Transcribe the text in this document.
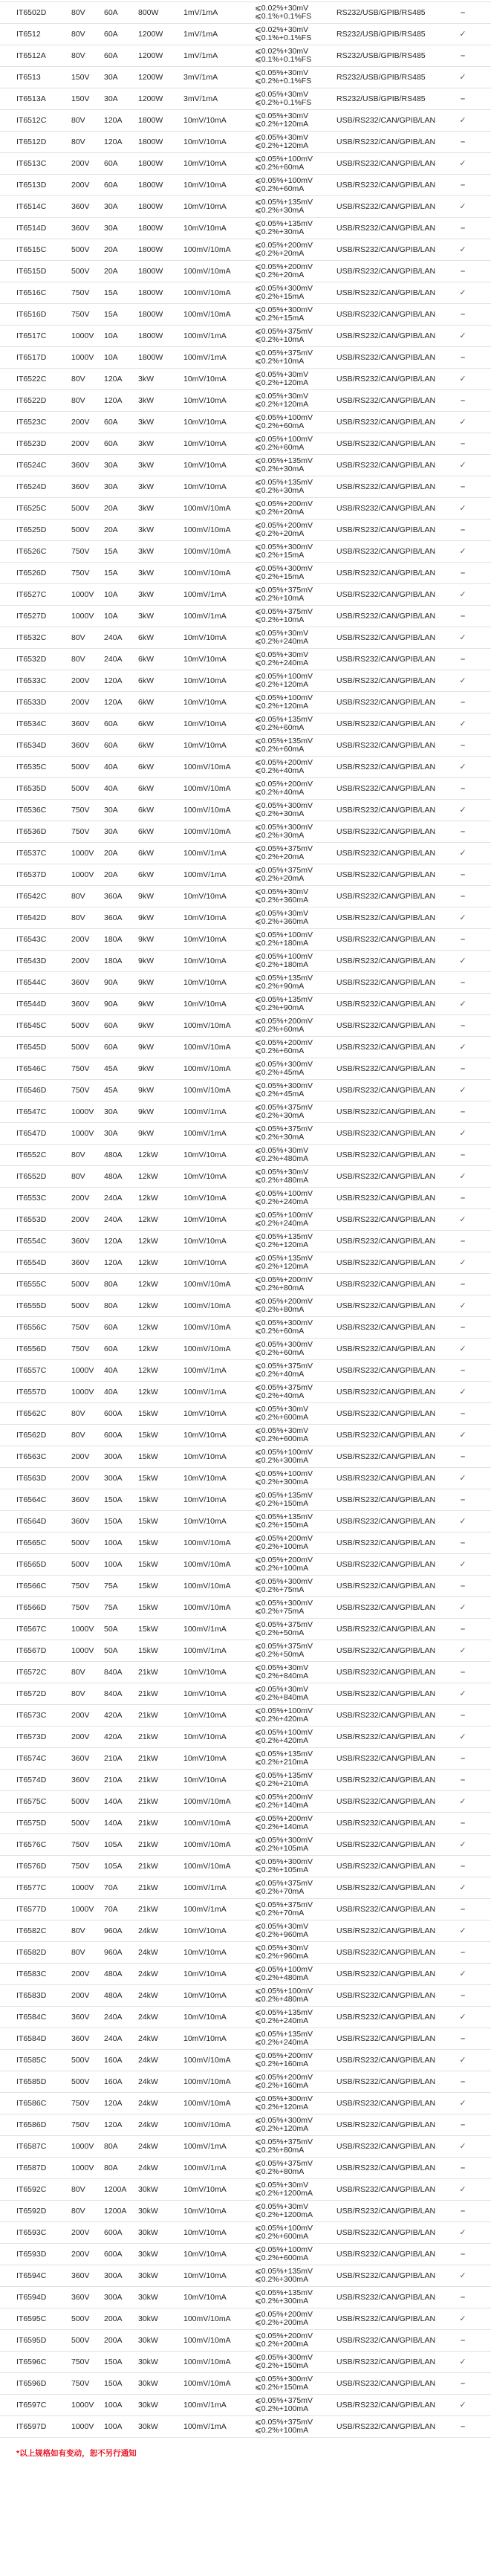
IT6502D	80V	60A	800W	1mV/1mA
⩽0.02%+30mV
⩽0.1%+0.1%FS	RS232/USB/GPIB/RS485	–
IT6512	80V	60A	1200W	1mV/1mA
⩽0.02%+30mV
⩽0.1%+0.1%FS	RS232/USB/GPIB/RS485	✓
IT6512A	80V	60A	1200W	1mV/1mA
⩽0.02%+30mV
⩽0.1%+0.1%FS	RS232/USB/GPIB/RS485	–
IT6513	150V	30A	1200W	3mV/1mA
⩽0.05%+30mV
⩽0.2%+0.1%FS	RS232/USB/GPIB/RS485	✓
IT6513A	150V	30A	1200W	3mV/1mA
⩽0.05%+30mV
⩽0.2%+0.1%FS	RS232/USB/GPIB/RS485	–
IT6512C	80V	120A	1800W	10mV/10mA
⩽0.05%+30mV
⩽0.2%+120mA	USB/RS232/CAN/GPIB/LAN	✓
IT6512D	80V	120A	1800W	10mV/10mA
⩽0.05%+30mV
⩽0.2%+120mA	USB/RS232/CAN/GPIB/LAN	–
IT6513C	200V	60A	1800W	10mV/10mA
⩽0.05%+100mV
⩽0.2%+60mA	USB/RS232/CAN/GPIB/LAN	✓
IT6513D	200V	60A	1800W	10mV/10mA
⩽0.05%+100mV
⩽0.2%+60mA	USB/RS232/CAN/GPIB/LAN	–
IT6514C	360V	30A	1800W	10mV/10mA
⩽0.05%+135mV
⩽0.2%+30mA	USB/RS232/CAN/GPIB/LAN	✓
IT6514D	360V	30A	1800W	10mV/10mA
⩽0.05%+135mV
⩽0.2%+30mA	USB/RS232/CAN/GPIB/LAN	–
IT6515C	500V	20A	1800W	100mV/10mA
⩽0.05%+200mV
⩽0.2%+20mA	USB/RS232/CAN/GPIB/LAN	✓
IT6515D	500V	20A	1800W	100mV/10mA
⩽0.05%+200mV
⩽0.2%+20mA	USB/RS232/CAN/GPIB/LAN	–
IT6516C	750V	15A	1800W	100mV/10mA
⩽0.05%+300mV
⩽0.2%+15mA	USB/RS232/CAN/GPIB/LAN	✓
IT6516D	750V	15A	1800W	100mV/10mA
⩽0.05%+300mV
⩽0.2%+15mA	USB/RS232/CAN/GPIB/LAN	–
IT6517C	1000V	10A	1800W	100mV/1mA
⩽0.05%+375mV
⩽0.2%+10mA	USB/RS232/CAN/GPIB/LAN	✓
IT6517D	1000V	10A	1800W	100mV/1mA
⩽0.05%+375mV
⩽0.2%+10mA	USB/RS232/CAN/GPIB/LAN	–
IT6522C	80V	120A	3kW	10mV/10mA
⩽0.05%+30mV
⩽0.2%+120mA	USB/RS232/CAN/GPIB/LAN	✓
IT6522D	80V	120A	3kW	10mV/10mA
⩽0.05%+30mV
⩽0.2%+120mA	USB/RS232/CAN/GPIB/LAN	–
IT6523C	200V	60A	3kW	10mV/10mA
⩽0.05%+100mV
⩽0.2%+60mA	USB/RS232/CAN/GPIB/LAN	✓
IT6523D	200V	60A	3kW	10mV/10mA
⩽0.05%+100mV
⩽0.2%+60mA	USB/RS232/CAN/GPIB/LAN	–
IT6524C	360V	30A	3kW	10mV/10mA
⩽0.05%+135mV
⩽0.2%+30mA	USB/RS232/CAN/GPIB/LAN	✓
IT6524D	360V	30A	3kW	10mV/10mA
⩽0.05%+135mV
⩽0.2%+30mA	USB/RS232/CAN/GPIB/LAN	–
IT6525C	500V	20A	3kW	100mV/10mA
⩽0.05%+200mV
⩽0.2%+20mA	USB/RS232/CAN/GPIB/LAN	✓
IT6525D	500V	20A	3kW	100mV/10mA
⩽0.05%+200mV
⩽0.2%+20mA	USB/RS232/CAN/GPIB/LAN	–
IT6526C	750V	15A	3kW	100mV/10mA
⩽0.05%+300mV
⩽0.2%+15mA	USB/RS232/CAN/GPIB/LAN	✓
IT6526D	750V	15A	3kW	100mV/10mA
⩽0.05%+300mV
⩽0.2%+15mA	USB/RS232/CAN/GPIB/LAN	–
IT6527C	1000V	10A	3kW	100mV/1mA
⩽0.05%+375mV
⩽0.2%+10mA	USB/RS232/CAN/GPIB/LAN	✓
IT6527D	1000V	10A	3kW	100mV/1mA
⩽0.05%+375mV
⩽0.2%+10mA	USB/RS232/CAN/GPIB/LAN	–
IT6532C	80V	240A	6kW	10mV/10mA
⩽0.05%+30mV
⩽0.2%+240mA	USB/RS232/CAN/GPIB/LAN	✓
IT6532D	80V	240A	6kW	10mV/10mA
⩽0.05%+30mV
⩽0.2%+240mA	USB/RS232/CAN/GPIB/LAN	–
IT6533C	200V	120A	6kW	10mV/10mA
⩽0.05%+100mV
⩽0.2%+120mA	USB/RS232/CAN/GPIB/LAN	✓
IT6533D	200V	120A	6kW	10mV/10mA
⩽0.05%+100mV
⩽0.2%+120mA	USB/RS232/CAN/GPIB/LAN	–
IT6534C	360V	60A	6kW	10mV/10mA
⩽0.05%+135mV
⩽0.2%+60mA	USB/RS232/CAN/GPIB/LAN	✓
IT6534D	360V	60A	6kW	10mV/10mA
⩽0.05%+135mV
⩽0.2%+60mA	USB/RS232/CAN/GPIB/LAN	–
IT6535C	500V	40A	6kW	100mV/10mA
⩽0.05%+200mV
⩽0.2%+40mA	USB/RS232/CAN/GPIB/LAN	✓
IT6535D	500V	40A	6kW	100mV/10mA
⩽0.05%+200mV
⩽0.2%+40mA	USB/RS232/CAN/GPIB/LAN	–
IT6536C	750V	30A	6kW	100mV/10mA
⩽0.05%+300mV
⩽0.2%+30mA	USB/RS232/CAN/GPIB/LAN	✓
IT6536D	750V	30A	6kW	100mV/10mA
⩽0.05%+300mV
⩽0.2%+30mA	USB/RS232/CAN/GPIB/LAN	–
IT6537C	1000V	20A	6kW	100mV/1mA
⩽0.05%+375mV
⩽0.2%+20mA	USB/RS232/CAN/GPIB/LAN	✓
IT6537D	1000V	20A	6kW	100mV/1mA
⩽0.05%+375mV
⩽0.2%+20mA	USB/RS232/CAN/GPIB/LAN	–
IT6542C	80V	360A	9kW	10mV/10mA
⩽0.05%+30mV
⩽0.2%+360mA	USB/RS232/CAN/GPIB/LAN	–
IT6542D	80V	360A	9kW	10mV/10mA
⩽0.05%+30mV
⩽0.2%+360mA	USB/RS232/CAN/GPIB/LAN	✓
IT6543C	200V	180A	9kW	10mV/10mA
⩽0.05%+100mV
⩽0.2%+180mA	USB/RS232/CAN/GPIB/LAN	–
IT6543D	200V	180A	9kW	10mV/10mA
⩽0.05%+100mV
⩽0.2%+180mA	USB/RS232/CAN/GPIB/LAN	✓
IT6544C	360V	90A	9kW	10mV/10mA
⩽0.05%+135mV
⩽0.2%+90mA	USB/RS232/CAN/GPIB/LAN	–
IT6544D	360V	90A	9kW	10mV/10mA
⩽0.05%+135mV
⩽0.2%+90mA	USB/RS232/CAN/GPIB/LAN	✓
IT6545C	500V	60A	9kW	100mV/10mA
⩽0.05%+200mV
⩽0.2%+60mA	USB/RS232/CAN/GPIB/LAN	–
IT6545D	500V	60A	9kW	100mV/10mA
⩽0.05%+200mV
⩽0.2%+60mA	USB/RS232/CAN/GPIB/LAN	✓
IT6546C	750V	45A	9kW	100mV/10mA
⩽0.05%+300mV
⩽0.2%+45mA	USB/RS232/CAN/GPIB/LAN	–
IT6546D	750V	45A	9kW	100mV/10mA
⩽0.05%+300mV
⩽0.2%+45mA	USB/RS232/CAN/GPIB/LAN	✓
IT6547C	1000V	30A	9kW	100mV/1mA
⩽0.05%+375mV
⩽0.2%+30mA	USB/RS232/CAN/GPIB/LAN	–
IT6547D	1000V	30A	9kW	100mV/1mA
⩽0.05%+375mV
⩽0.2%+30mA	USB/RS232/CAN/GPIB/LAN	✓
IT6552C	80V	480A	12kW	10mV/10mA
⩽0.05%+30mV
⩽0.2%+480mA	USB/RS232/CAN/GPIB/LAN	–
IT6552D	80V	480A	12kW	10mV/10mA
⩽0.05%+30mV
⩽0.2%+480mA	USB/RS232/CAN/GPIB/LAN	✓
IT6553C	200V	240A	12kW	10mV/10mA
⩽0.05%+100mV
⩽0.2%+240mA	USB/RS232/CAN/GPIB/LAN	–
IT6553D	200V	240A	12kW	10mV/10mA
⩽0.05%+100mV
⩽0.2%+240mA	USB/RS232/CAN/GPIB/LAN	✓
IT6554C	360V	120A	12kW	10mV/10mA
⩽0.05%+135mV
⩽0.2%+120mA	USB/RS232/CAN/GPIB/LAN	–
IT6554D	360V	120A	12kW	10mV/10mA
⩽0.05%+135mV
⩽0.2%+120mA	USB/RS232/CAN/GPIB/LAN	✓
IT6555C	500V	80A	12kW	100mV/10mA
⩽0.05%+200mV
⩽0.2%+80mA	USB/RS232/CAN/GPIB/LAN	–
IT6555D	500V	80A	12kW	100mV/10mA
⩽0.05%+200mV
⩽0.2%+80mA	USB/RS232/CAN/GPIB/LAN	✓
IT6556C	750V	60A	12kW	100mV/10mA
⩽0.05%+300mV
⩽0.2%+60mA	USB/RS232/CAN/GPIB/LAN	–
IT6556D	750V	60A	12kW	100mV/10mA
⩽0.05%+300mV
⩽0.2%+60mA	USB/RS232/CAN/GPIB/LAN	✓
IT6557C	1000V	40A	12kW	100mV/1mA
⩽0.05%+375mV
⩽0.2%+40mA	USB/RS232/CAN/GPIB/LAN	–
IT6557D	1000V	40A	12kW	100mV/1mA
⩽0.05%+375mV
⩽0.2%+40mA	USB/RS232/CAN/GPIB/LAN	✓
IT6562C	80V	600A	15kW	10mV/10mA
⩽0.05%+30mV
⩽0.2%+600mA	USB/RS232/CAN/GPIB/LAN	–
IT6562D	80V	600A	15kW	10mV/10mA
⩽0.05%+30mV
⩽0.2%+600mA	USB/RS232/CAN/GPIB/LAN	✓
IT6563C	200V	300A	15kW	10mV/10mA
⩽0.05%+100mV
⩽0.2%+300mA	USB/RS232/CAN/GPIB/LAN	–
IT6563D	200V	300A	15kW	10mV/10mA
⩽0.05%+100mV
⩽0.2%+300mA	USB/RS232/CAN/GPIB/LAN	✓
IT6564C	360V	150A	15kW	10mV/10mA
⩽0.05%+135mV
⩽0.2%+150mA	USB/RS232/CAN/GPIB/LAN	–
IT6564D	360V	150A	15kW	10mV/10mA
⩽0.05%+135mV
⩽0.2%+150mA	USB/RS232/CAN/GPIB/LAN	✓
IT6565C	500V	100A	15kW	100mV/10mA
⩽0.05%+200mV
⩽0.2%+100mA	USB/RS232/CAN/GPIB/LAN	–
IT6565D	500V	100A	15kW	100mV/10mA
⩽0.05%+200mV
⩽0.2%+100mA	USB/RS232/CAN/GPIB/LAN	✓
IT6566C	750V	75A	15kW	100mV/10mA
⩽0.05%+300mV
⩽0.2%+75mA	USB/RS232/CAN/GPIB/LAN	–
IT6566D	750V	75A	15kW	100mV/10mA
⩽0.05%+300mV
⩽0.2%+75mA	USB/RS232/CAN/GPIB/LAN	✓
IT6567C	1000V	50A	15kW	100mV/1mA
⩽0.05%+375mV
⩽0.2%+50mA	USB/RS232/CAN/GPIB/LAN	–
IT6567D	1000V	50A	15kW	100mV/1mA
⩽0.05%+375mV
⩽0.2%+50mA	USB/RS232/CAN/GPIB/LAN	✓
IT6572C	80V	840A	21kW	10mV/10mA
⩽0.05%+30mV
⩽0.2%+840mA	USB/RS232/CAN/GPIB/LAN	–
IT6572D	80V	840A	21kW	10mV/10mA
⩽0.05%+30mV
⩽0.2%+840mA	USB/RS232/CAN/GPIB/LAN	✓
IT6573C	200V	420A	21kW	10mV/10mA
⩽0.05%+100mV
⩽0.2%+420mA	USB/RS232/CAN/GPIB/LAN	–
IT6573D	200V	420A	21kW	10mV/10mA
⩽0.05%+100mV
⩽0.2%+420mA	USB/RS232/CAN/GPIB/LAN	✓
IT6574C	360V	210A	21kW	10mV/10mA
⩽0.05%+135mV
⩽0.2%+210mA	USB/RS232/CAN/GPIB/LAN	–
IT6574D	360V	210A	21kW	10mV/10mA
⩽0.05%+135mV
⩽0.2%+210mA	USB/RS232/CAN/GPIB/LAN	–
IT6575C	500V	140A	21kW	100mV/10mA
⩽0.05%+200mV
⩽0.2%+140mA	USB/RS232/CAN/GPIB/LAN	✓
IT6575D	500V	140A	21kW	100mV/10mA
⩽0.05%+200mV
⩽0.2%+140mA	USB/RS232/CAN/GPIB/LAN	–
IT6576C	750V	105A	21kW	100mV/10mA
⩽0.05%+300mV
⩽0.2%+105mA	USB/RS232/CAN/GPIB/LAN	✓
IT6576D	750V	105A	21kW	100mV/10mA
⩽0.05%+300mV
⩽0.2%+105mA	USB/RS232/CAN/GPIB/LAN	–
IT6577C	1000V	70A	21kW	100mV/1mA
⩽0.05%+375mV
⩽0.2%+70mA	USB/RS232/CAN/GPIB/LAN	✓
IT6577D	1000V	70A	21kW	100mV/1mA
⩽0.05%+375mV
⩽0.2%+70mA	USB/RS232/CAN/GPIB/LAN	–
IT6582C	80V	960A	24kW	10mV/10mA
⩽0.05%+30mV
⩽0.2%+960mA	USB/RS232/CAN/GPIB/LAN	✓
IT6582D	80V	960A	24kW	10mV/10mA
⩽0.05%+30mV
⩽0.2%+960mA	USB/RS232/CAN/GPIB/LAN	–
IT6583C	200V	480A	24kW	10mV/10mA
⩽0.05%+100mV
⩽0.2%+480mA	USB/RS232/CAN/GPIB/LAN	✓
IT6583D	200V	480A	24kW	10mV/10mA
⩽0.05%+100mV
⩽0.2%+480mA	USB/RS232/CAN/GPIB/LAN	–
IT6584C	360V	240A	24kW	10mV/10mA
⩽0.05%+135mV
⩽0.2%+240mA	USB/RS232/CAN/GPIB/LAN	✓
IT6584D	360V	240A	24kW	10mV/10mA
⩽0.05%+135mV
⩽0.2%+240mA	USB/RS232/CAN/GPIB/LAN	–
IT6585C	500V	160A	24kW	100mV/10mA
⩽0.05%+200mV
⩽0.2%+160mA	USB/RS232/CAN/GPIB/LAN	✓
IT6585D	500V	160A	24kW	100mV/10mA
⩽0.05%+200mV
⩽0.2%+160mA	USB/RS232/CAN/GPIB/LAN	–
IT6586C	750V	120A	24kW	100mV/10mA
⩽0.05%+300mV
⩽0.2%+120mA	USB/RS232/CAN/GPIB/LAN	✓
IT6586D	750V	120A	24kW	100mV/10mA
⩽0.05%+300mV
⩽0.2%+120mA	USB/RS232/CAN/GPIB/LAN	–
IT6587C	1000V	80A	24kW	100mV/1mA
⩽0.05%+375mV
⩽0.2%+80mA	USB/RS232/CAN/GPIB/LAN	✓
IT6587D	1000V	80A	24kW	100mV/1mA
⩽0.05%+375mV
⩽0.2%+80mA	USB/RS232/CAN/GPIB/LAN	–
IT6592C	80V	1200A	30kW	10mV/10mA
⩽0.05%+30mV
⩽0.2%+1200mA	USB/RS232/CAN/GPIB/LAN	✓
IT6592D	80V	1200A	30kW	10mV/10mA
⩽0.05%+30mV
⩽0.2%+1200mA	USB/RS232/CAN/GPIB/LAN	–
IT6593C	200V	600A	30kW	10mV/10mA
⩽0.05%+100mV
⩽0.2%+600mA	USB/RS232/CAN/GPIB/LAN	✓
IT6593D	200V	600A	30kW	10mV/10mA
⩽0.05%+100mV
⩽0.2%+600mA	USB/RS232/CAN/GPIB/LAN	–
IT6594C	360V	300A	30kW	10mV/10mA
⩽0.05%+135mV
⩽0.2%+300mA	USB/RS232/CAN/GPIB/LAN	✓
IT6594D	360V	300A	30kW	10mV/10mA
⩽0.05%+135mV
⩽0.2%+300mA	USB/RS232/CAN/GPIB/LAN	–
IT6595C	500V	200A	30kW	100mV/10mA
⩽0.05%+200mV
⩽0.2%+200mA	USB/RS232/CAN/GPIB/LAN	✓
IT6595D	500V	200A	30kW	100mV/10mA
⩽0.05%+200mV
⩽0.2%+200mA	USB/RS232/CAN/GPIB/LAN	–
IT6596C	750V	150A	30kW	100mV/10mA
⩽0.05%+300mV
⩽0.2%+150mA	USB/RS232/CAN/GPIB/LAN	✓
IT6596D	750V	150A	30kW	100mV/10mA
⩽0.05%+300mV
⩽0.2%+150mA	USB/RS232/CAN/GPIB/LAN	–
IT6597C	1000V	100A	30kW	100mV/1mA
⩽0.05%+375mV
⩽0.2%+100mA	USB/RS232/CAN/GPIB/LAN	✓
IT6597D	1000V	100A	30kW	100mV/1mA
⩽0.05%+375mV
⩽0.2%+100mA	USB/RS232/CAN/GPIB/LAN	–
*以上规格如有变动，恕不另行通知
